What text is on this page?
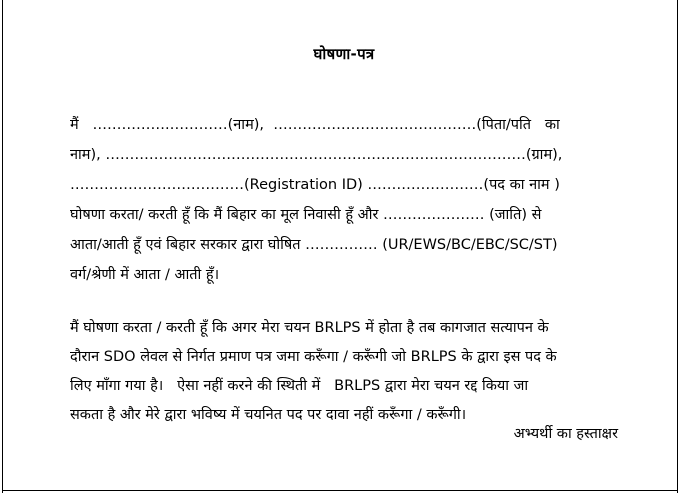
घोषणा-पत्र
मैं   …………….…………(नाम),  ……………………………………(पिता/पति   का
नाम), ……………………………………………………………………………(ग्राम),
………………………………(Registration ID) ……………………(पद का नाम )
घोषणा करता/ करती हूँ कि मैं बिहार का मूल निवासी हूँ और ………………… (जाति) से
आता/आती हूँ एवं बिहार सरकार द्वारा घोषित …………… (UR/EWS/BC/EBC/SC/ST)
वर्ग/श्रेणी में आता / आती हूँ।
मैं घोषणा करता / करती हूँ कि अगर मेरा चयन BRLPS में होता है तब कागजात सत्यापन के
दौरान SDO लेवल से निर्गत प्रमाण पत्र जमा करूँगा / करूँगी जो BRLPS के द्वारा इस पद के
लिए माँगा गया है।   ऐसा नहीं करने की स्थिती में   BRLPS द्वारा मेरा चयन रद्द किया जा
सकता है और मेरे द्वारा भविष्य में चयनित पद पर दावा नहीं करूँगा / करूँगी।
अभ्यर्थी का हस्ताक्षर
